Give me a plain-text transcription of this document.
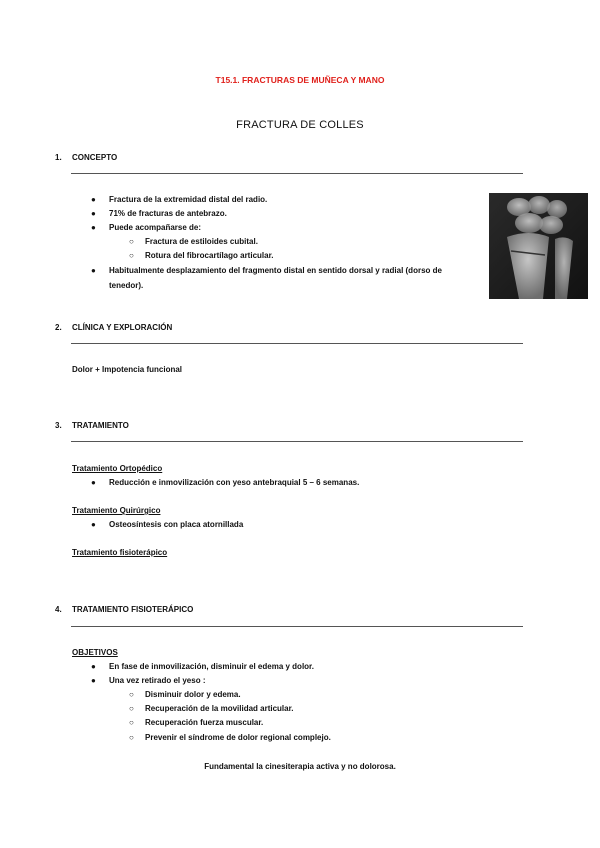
T15.1. FRACTURAS DE MUÑECA Y MANO
FRACTURA DE COLLES
1. CONCEPTO
● Fractura de la extremidad distal del radio.
● 71% de fracturas de antebrazo.
● Puede acompañarse de:
○ Fractura de estiloides cubital.
○ Rotura del fibrocartílago articular.
● Habitualmente desplazamiento del fragmento distal en sentido dorsal y radial (dorso de
tenedor).
2. CLÍNICA Y EXPLORACIÓN
Dolor + Impotencia funcional
3. TRATAMIENTO
Tratamiento Ortopédico
● Reducción e inmovilización con yeso antebraquial 5 – 6 semanas.
Tratamiento Quirúrgico
● Osteosíntesis con placa atornillada
Tratamiento fisioterápico
4. TRATAMIENTO FISIOTERÁPICO
OBJETIVOS
● En fase de inmovilización, disminuir el edema y dolor.
● Una vez retirado el yeso :
○ Disminuir dolor y edema.
○ Recuperación de la movilidad articular.
○ Recuperación fuerza muscular.
○ Prevenir el síndrome de dolor regional complejo.
Fundamental la cinesiterapia activa y no dolorosa.
